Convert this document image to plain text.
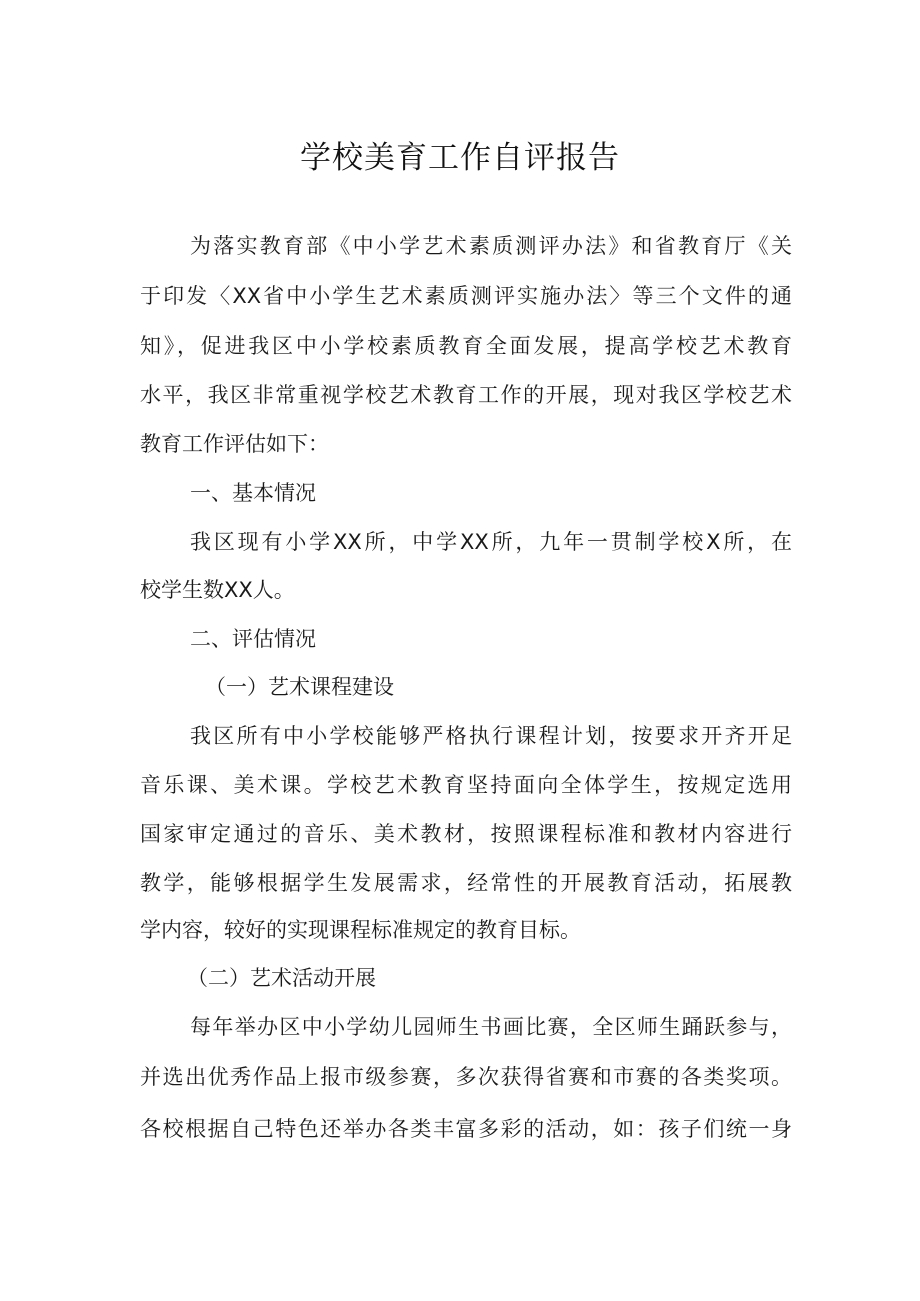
学校美育工作自评报告
为落实教育部《中小学艺术素质测评办法》和省教育厅《关
于印发〈XX省中小学生艺术素质测评实施办法〉等三个文件的通
知》，促进我区中小学校素质教育全面发展，提高学校艺术教育
水平，我区非常重视学校艺术教育工作的开展，现对我区学校艺术
教育工作评估如下：
一、基本情况
我区现有小学XX所，中学XX所，九年一贯制学校X所，在
校学生数XX人。
二、评估情况
（一）艺术课程建设
我区所有中小学校能够严格执行课程计划，按要求开齐开足
音乐课、美术课。学校艺术教育坚持面向全体学生，按规定选用
国家审定通过的音乐、美术教材，按照课程标准和教材内容进行
教学，能够根据学生发展需求，经常性的开展教育活动，拓展教
学内容，较好的实现课程标准规定的教育目标。
（二）艺术活动开展
每年举办区中小学幼儿园师生书画比赛，全区师生踊跃参与，
并选出优秀作品上报市级参赛，多次获得省赛和市赛的各类奖项。
各校根据自己特色还举办各类丰富多彩的活动，如：孩子们统一身
